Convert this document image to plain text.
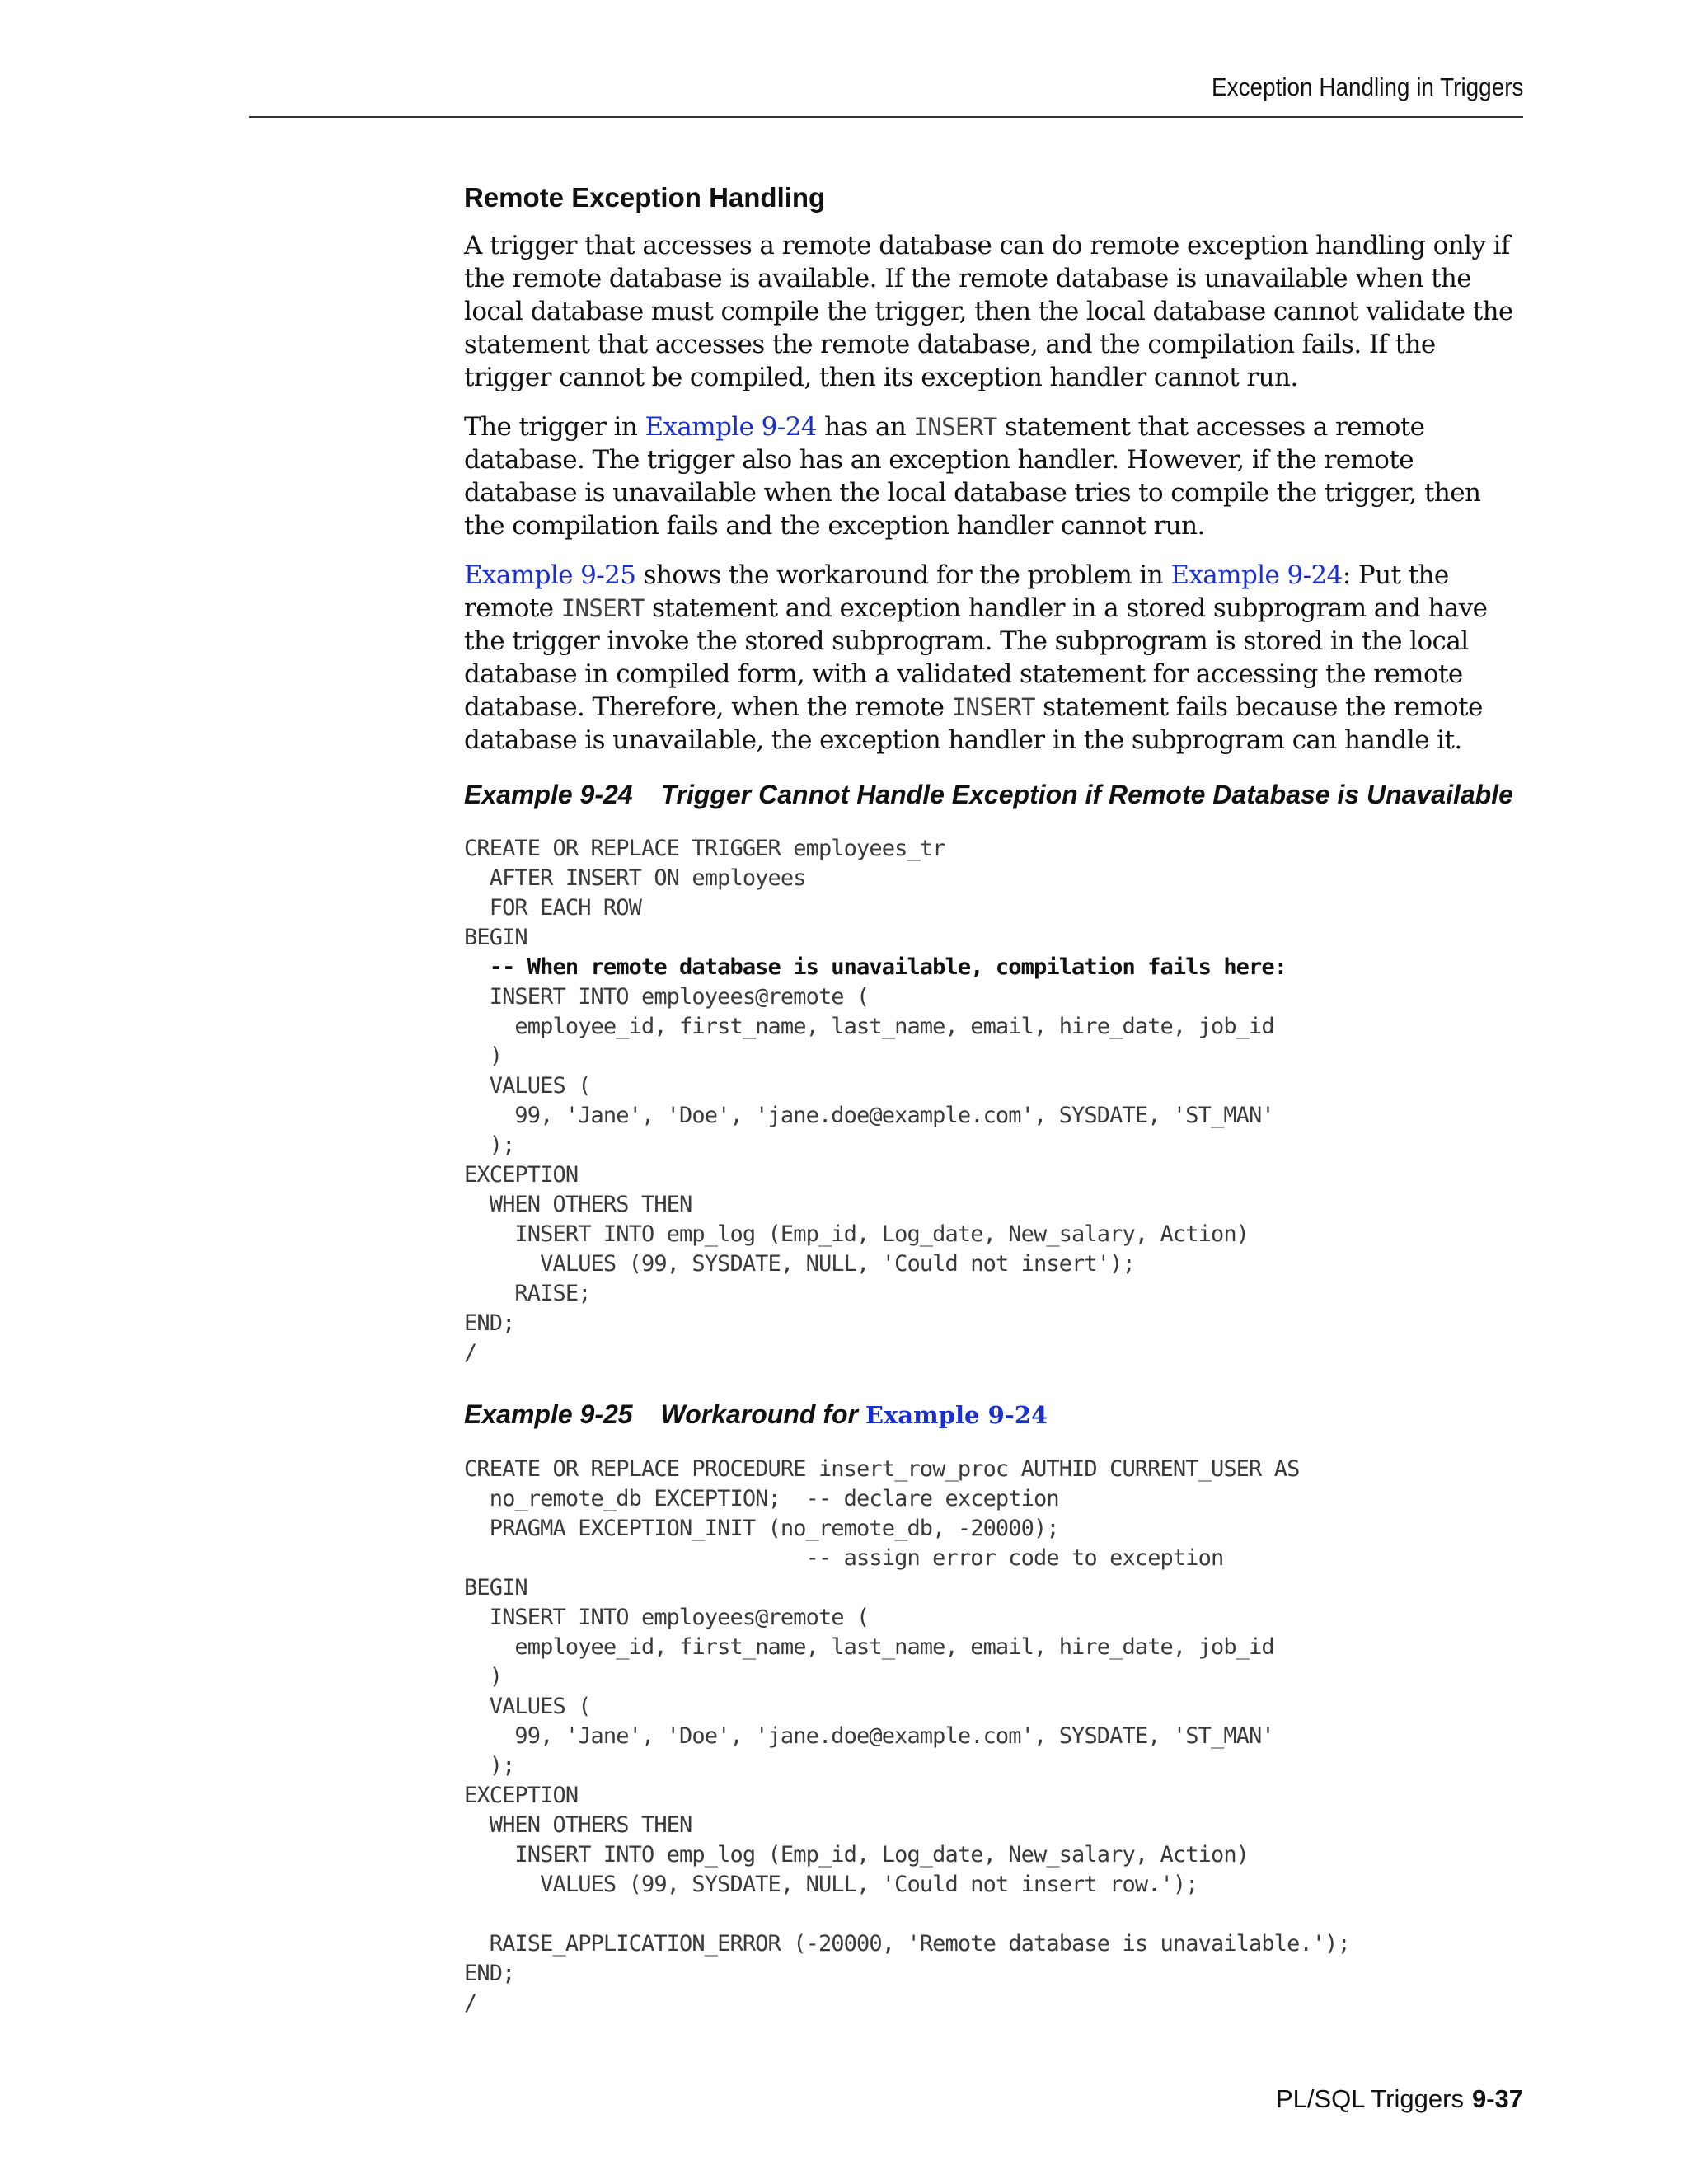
Exception Handling in Triggers
Remote Exception Handling

A trigger that accesses a remote database can do remote exception handling only if the remote database is available. If the remote database is unavailable when the local database must compile the trigger, then the local database cannot validate the statement that accesses the remote database, and the compilation fails. If the trigger cannot be compiled, then its exception handler cannot run.

The trigger in Example 9-24 has an INSERT statement that accesses a remote database. The trigger also has an exception handler. However, if the remote database is unavailable when the local database tries to compile the trigger, then the compilation fails and the exception handler cannot run.

Example 9-25 shows the workaround for the problem in Example 9-24: Put the remote INSERT statement and exception handler in a stored subprogram and have the trigger invoke the stored subprogram. The subprogram is stored in the local database in compiled form, with a validated statement for accessing the remote database. Therefore, when the remote INSERT statement fails because the remote database is unavailable, the exception handler in the subprogram can handle it.

Example 9-24 Trigger Cannot Handle Exception if Remote Database is Unavailable
CREATE OR REPLACE TRIGGER employees_tr
AFTER INSERT ON employees
FOR EACH ROW
BEGIN
-- When remote database is unavailable, compilation fails here:
INSERT INTO employees@remote (
employee_id, first_name, last_name, email, hire_date, job_id
)
VALUES (
99, 'Jane', 'Doe', 'jane.doe@example.com', SYSDATE, 'ST_MAN'
);
EXCEPTION
WHEN OTHERS THEN
INSERT INTO emp_log (Emp_id, Log_date, New_salary, Action)
VALUES (99, SYSDATE, NULL, 'Could not insert');
RAISE;
END;
/
Example 9-25 Workaround for Example 9-24
CREATE OR REPLACE PROCEDURE insert_row_proc AUTHID CURRENT_USER AS
no_remote_db EXCEPTION;  -- declare exception
PRAGMA EXCEPTION_INIT (no_remote_db, -20000);
-- assign error code to exception
BEGIN
INSERT INTO employees@remote (
employee_id, first_name, last_name, email, hire_date, job_id
)
VALUES (
99, 'Jane', 'Doe', 'jane.doe@example.com', SYSDATE, 'ST_MAN'
);
EXCEPTION
WHEN OTHERS THEN
INSERT INTO emp_log (Emp_id, Log_date, New_salary, Action)
VALUES (99, SYSDATE, NULL, 'Could not insert row.');
RAISE_APPLICATION_ERROR (-20000, 'Remote database is unavailable.');
END;
/
PL/SQL Triggers 9-37
